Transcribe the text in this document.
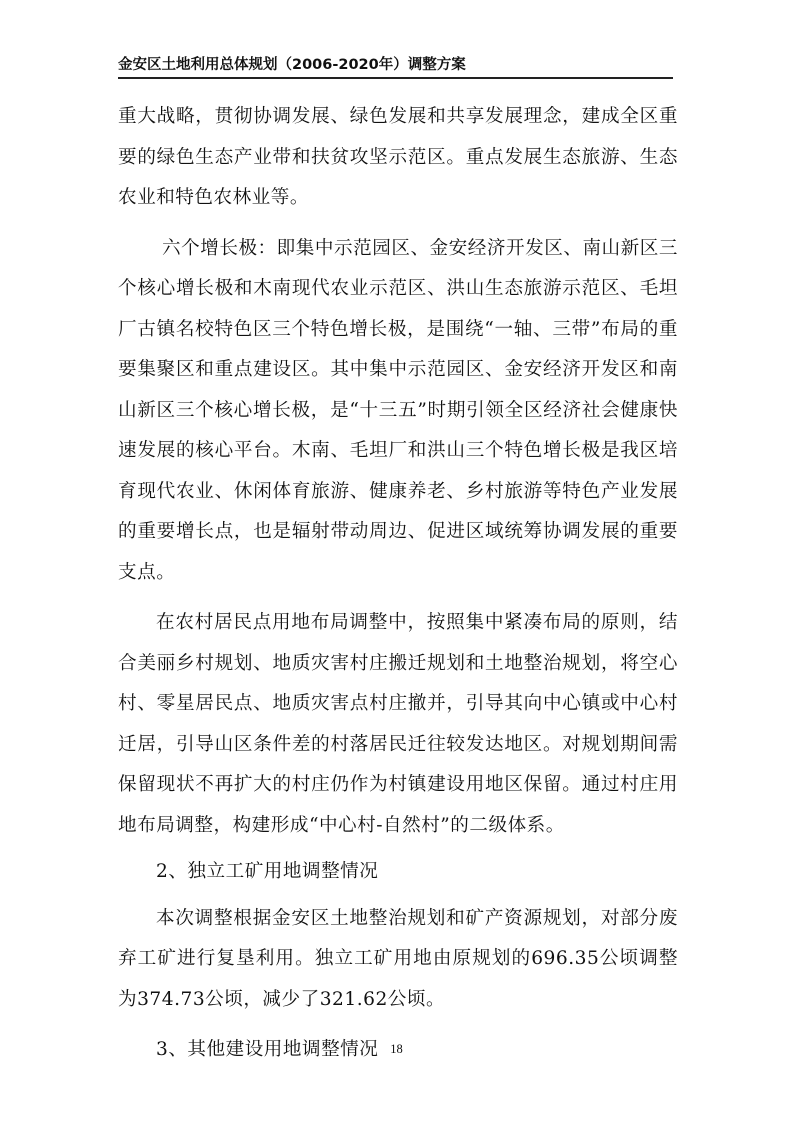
金安区土地利用总体规划（2006-2020年）调整方案

重大战略，贯彻协调发展、绿色发展和共享发展理念，建成全区重要的绿色生态产业带和扶贫攻坚示范区。重点发展生态旅游、生态农业和特色农林业等。

六个增长极：即集中示范园区、金安经济开发区、南山新区三个核心增长极和木南现代农业示范区、洪山生态旅游示范区、毛坦厂古镇名校特色区三个特色增长极，是围绕“一轴、三带”布局的重要集聚区和重点建设区。其中集中示范园区、金安经济开发区和南山新区三个核心增长极，是“十三五”时期引领全区经济社会健康快速发展的核心平台。木南、毛坦厂和洪山三个特色增长极是我区培育现代农业、休闲体育旅游、健康养老、乡村旅游等特色产业发展的重要增长点，也是辐射带动周边、促进区域统筹协调发展的重要支点。

在农村居民点用地布局调整中，按照集中紧凑布局的原则，结合美丽乡村规划、地质灾害村庄搬迁规划和土地整治规划，将空心村、零星居民点、地质灾害点村庄撤并，引导其向中心镇或中心村迁居，引导山区条件差的村落居民迁往较发达地区。对规划期间需保留现状不再扩大的村庄仍作为村镇建设用地区保留。通过村庄用地布局调整，构建形成“中心村-自然村”的二级体系。

2、独立工矿用地调整情况

本次调整根据金安区土地整治规划和矿产资源规划，对部分废弃工矿进行复垦利用。独立工矿用地由原规划的696.35公顷调整为374.73公顷，减少了321.62公顷。

3、其他建设用地调整情况 18
